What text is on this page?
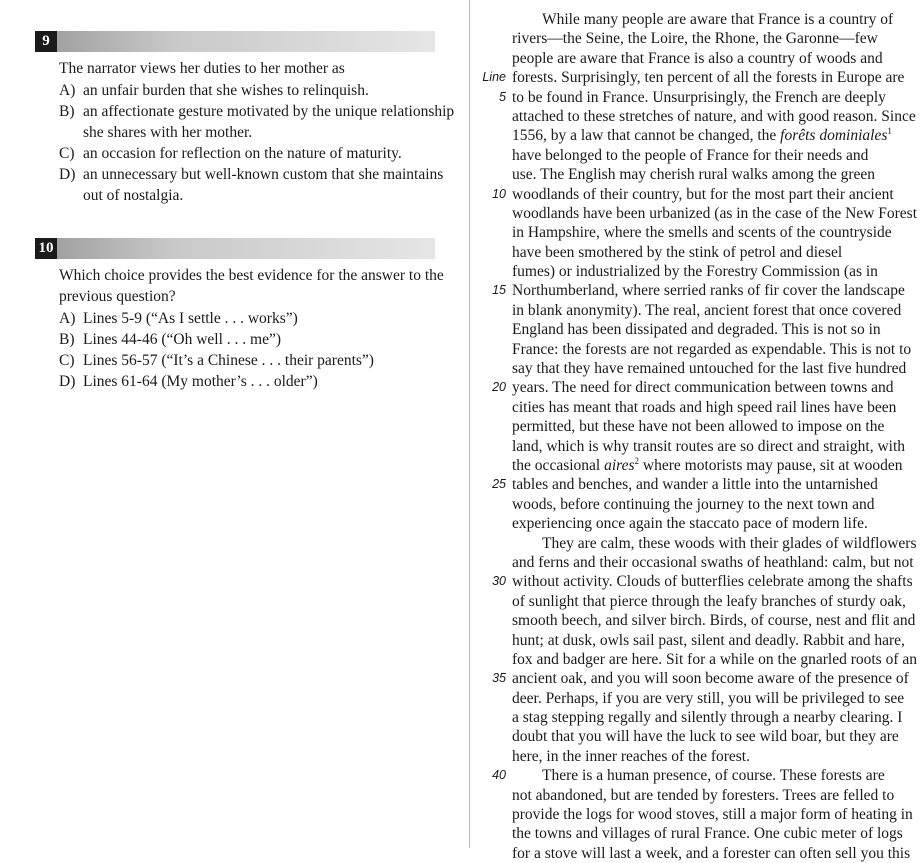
9
The narrator views her duties to her mother as
A) an unfair burden that she wishes to relinquish.
B) an affectionate gesture motivated by the unique relationship she shares with her mother.
C) an occasion for reflection on the nature of maturity.
D) an unnecessary but well-known custom that she maintains out of nostalgia.
10
Which choice provides the best evidence for the answer to the previous question?
A) Lines 5-9 (“As I settle . . . works”)
B) Lines 44-46 (“Oh well . . . me”)
C) Lines 56-57 (“It’s a Chinese . . . their parents”)
D) Lines 61-64 (My mother’s . . . older”)
While many people are aware that France is a country of
rivers—the Seine, the Loire, the Rhone, the Garonne—few
people are aware that France is also a country of woods and
Line forests. Surprisingly, ten percent of all the forests in Europe are
5 to be found in France. Unsurprisingly, the French are deeply
attached to these stretches of nature, and with good reason. Since
1556, by a law that cannot be changed, the forêts dominiales$^1$
have belonged to the people of France for their needs and
use. The English may cherish rural walks among the green
10 woodlands of their country, but for the most part their ancient
woodlands have been urbanized (as in the case of the New Forest
in Hampshire, where the smells and scents of the countryside
have been smothered by the stink of petrol and diesel
fumes) or industrialized by the Forestry Commission (as in
15 Northumberland, where serried ranks of fir cover the landscape
in blank anonymity). The real, ancient forest that once covered
England has been dissipated and degraded. This is not so in
France: the forests are not regarded as expendable. This is not to
say that they have remained untouched for the last five hundred
20 years. The need for direct communication between towns and
cities has meant that roads and high speed rail lines have been
permitted, but these have not been allowed to impose on the
land, which is why transit routes are so direct and straight, with
the occasional aires$^2$ where motorists may pause, sit at wooden
25 tables and benches, and wander a little into the untarnished
woods, before continuing the journey to the next town and
experiencing once again the staccato pace of modern life.
They are calm, these woods with their glades of wildflowers
and ferns and their occasional swaths of heathland: calm, but not
30 without activity. Clouds of butterflies celebrate among the shafts
of sunlight that pierce through the leafy branches of sturdy oak,
smooth beech, and silver birch. Birds, of course, nest and flit and
hunt; at dusk, owls sail past, silent and deadly. Rabbit and hare,
fox and badger are here. Sit for a while on the gnarled roots of an
35 ancient oak, and you will soon become aware of the presence of
deer. Perhaps, if you are very still, you will be privileged to see
a stag stepping regally and silently through a nearby clearing. I
doubt that you will have the luck to see wild boar, but they are
here, in the inner reaches of the forest.
40 There is a human presence, of course. These forests are
not abandoned, but are tended by foresters. Trees are felled to
provide the logs for wood stoves, still a major form of heating in
the towns and villages of rural France. One cubic meter of logs
for a stove will last a week, and a forester can often sell you this
